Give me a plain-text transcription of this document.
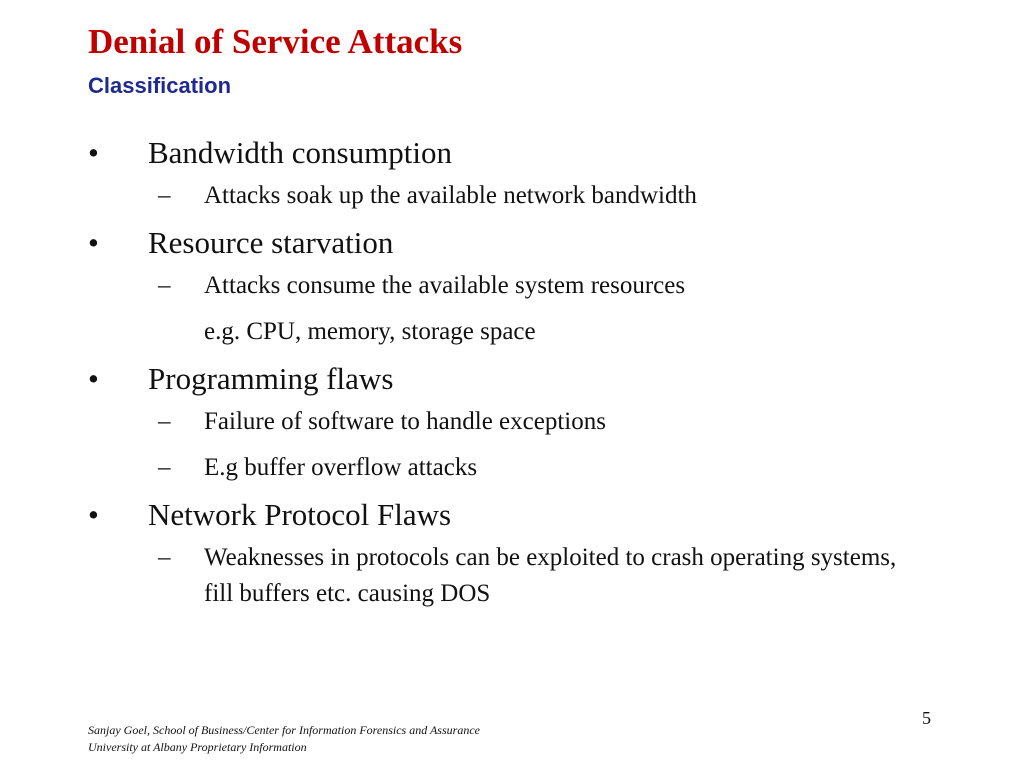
Denial of Service Attacks
Classification
• Bandwidth consumption
–	Attacks soak up the available network bandwidth
• Resource starvation
–	Attacks consume the available system resources
e.g. CPU, memory, storage space
• Programming flaws
–	Failure of software to handle exceptions
–	E.g buffer overflow attacks
• Network Protocol Flaws
–	Weaknesses in protocols can be exploited to crash operating systems, fill buffers etc. causing DOS
5
Sanjay Goel, School of Business/Center for Information Forensics and Assurance
University at Albany Proprietary Information
